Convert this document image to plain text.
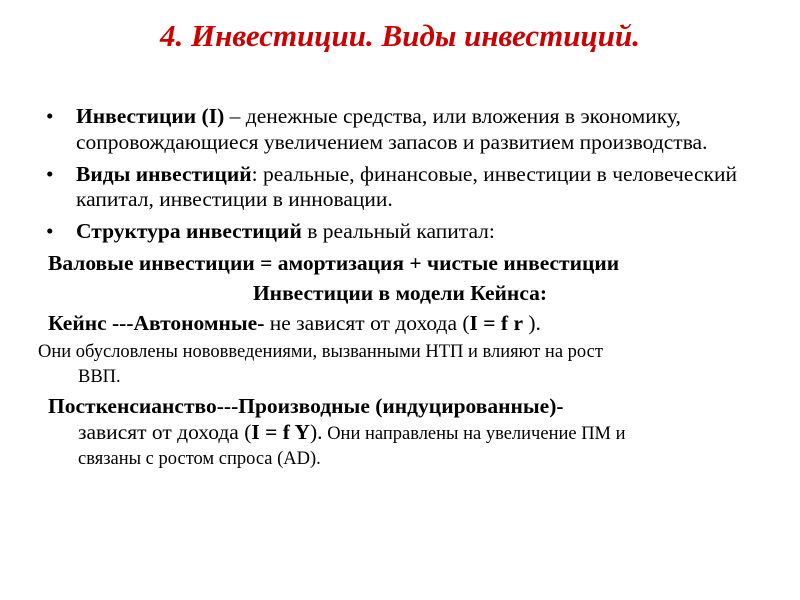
4. Инвестиции. Виды инвестиций.
• Инвестиции (I) – денежные средства, или вложения в экономику, сопровождающиеся увеличением запасов и развитием производства.
• Виды инвестиций: реальные, финансовые, инвестиции в человеческий капитал, инвестиции в инновации.
• Структура инвестиций в реальный капитал:
Валовые инвестиции = амортизация + чистые инвестиции
Инвестиции в модели Кейнса:
Кейнс ---Автономные- не зависят от дохода (I = f r ).
Они обусловлены нововведениями, вызванными НТП и влияют на рост
ВВП.
Посткенсианство---Производные (индуцированные)-
зависят от дохода (I = f Y). Они направлены на увеличение ПМ и
связаны с ростом спроса (AD).
